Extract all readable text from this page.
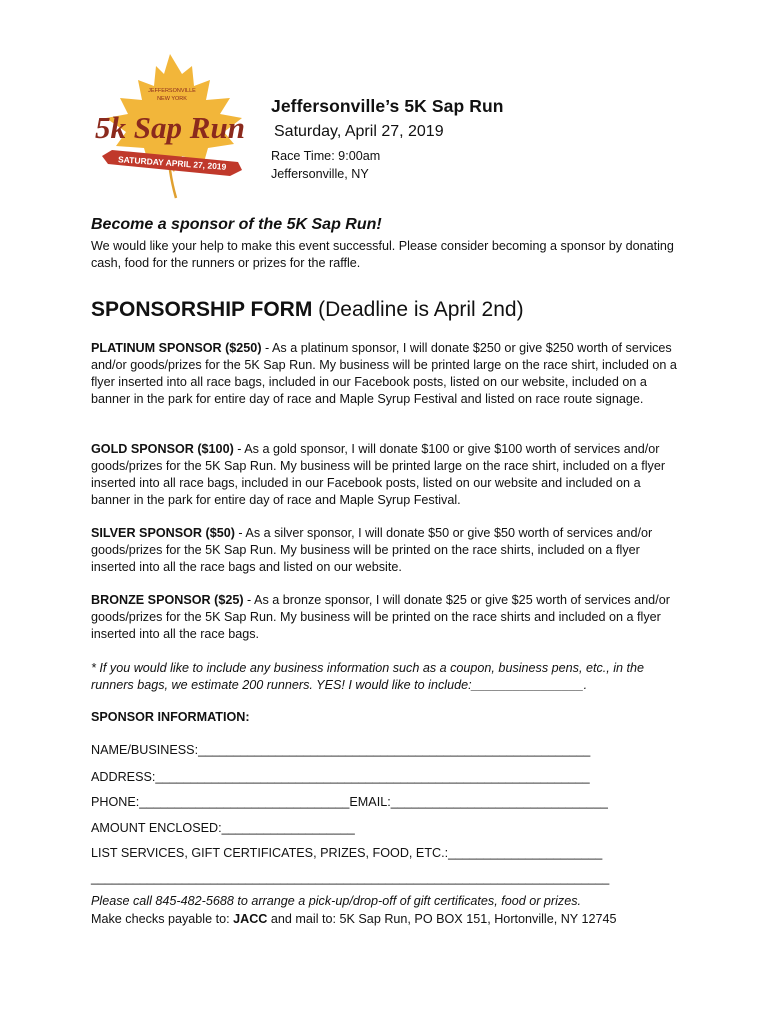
JEFFERSONVILLE
NEW YORK
5k Sap Run
SATURDAY APRIL 27, 2019
Jeffersonville’s 5K Sap Run
Saturday, April 27, 2019
Race Time: 9:00am
Jeffersonville, NY
Become a sponsor of the 5K Sap Run!
We would like your help to make this event successful. Please consider becoming a sponsor by donating cash, food for the runners or prizes for the raffle.
SPONSORSHIP FORM (Deadline is April 2nd)
PLATINUM SPONSOR ($250) - As a platinum sponsor, I will donate $250 or give $250 worth of services and/or goods/prizes for the 5K Sap Run. My business will be printed large on the race shirt, included on a flyer inserted into all race bags, included in our Facebook posts, listed on our website, included on a banner in the park for entire day of race and Maple Syrup Festival and listed on race route signage.
GOLD SPONSOR ($100) - As a gold sponsor, I will donate $100 or give $100 worth of services and/or goods/prizes for the 5K Sap Run. My business will be printed large on the race shirt, included on a flyer inserted into all race bags, included in our Facebook posts, listed on our website and included on a banner in the park for entire day of race and Maple Syrup Festival.
SILVER SPONSOR ($50) - As a silver sponsor, I will donate $50 or give $50 worth of services and/or goods/prizes for the 5K Sap Run. My business will be printed on the race shirts, included on a flyer inserted into all the race bags and listed on our website.
BRONZE SPONSOR ($25) - As a bronze sponsor, I will donate $25 or give $25 worth of services and/or goods/prizes for the 5K Sap Run. My business will be printed on the race shirts and included on a flyer inserted into all the race bags.
* If you would like to include any business information such as a coupon, business pens, etc., in the runners bags, we estimate 200 runners. YES! I would like to include:________________.
SPONSOR INFORMATION:
NAME/BUSINESS:________________________________________________________
ADDRESS:______________________________________________________________
PHONE:______________________________EMAIL:_______________________________
AMOUNT ENCLOSED:___________________
LIST SERVICES, GIFT CERTIFICATES, PRIZES, FOOD, ETC.:______________________
__________________________________________________________________________
Please call 845-482-5688 to arrange a pick-up/drop-off of gift certificates, food or prizes.
Make checks payable to: JACC and mail to: 5K Sap Run, PO BOX 151, Hortonville, NY 12745
